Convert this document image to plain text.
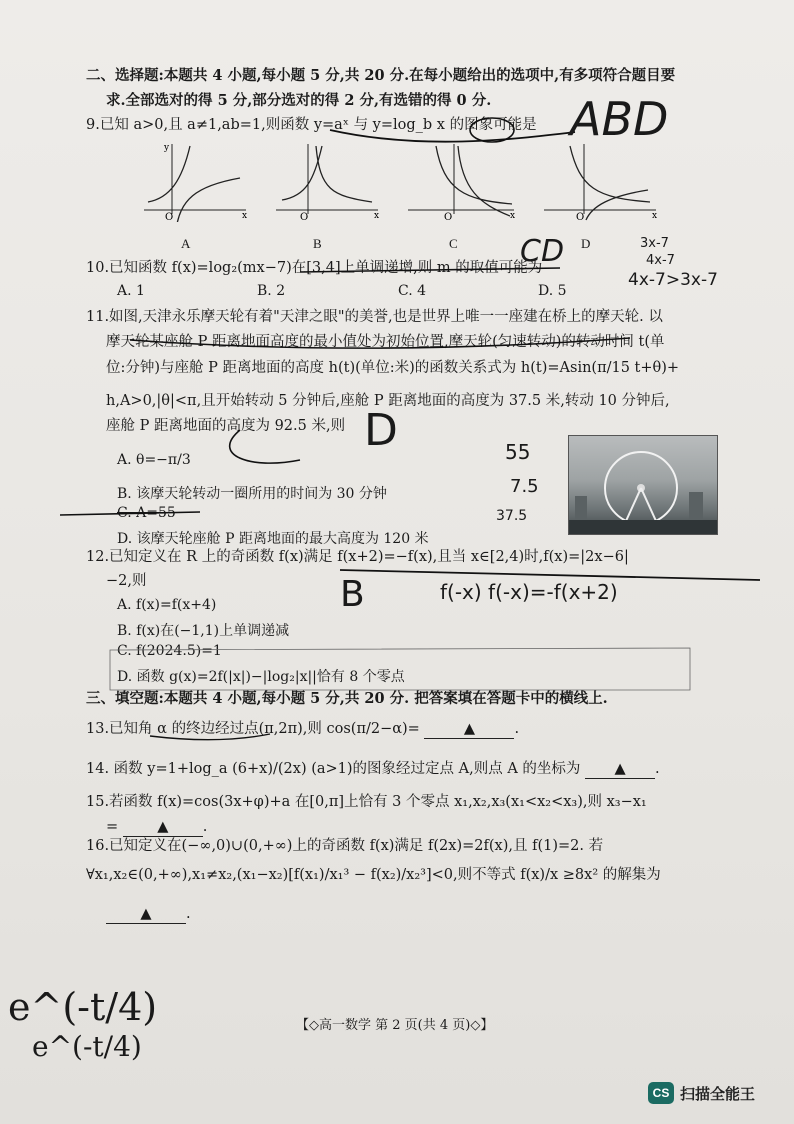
二、选择题:本题共 4 小题,每小题 5 分,共 20 分.在每小题给出的选项中,有多项符合题目要
求.全部选对的得 5 分,部分选对的得 2 分,有选错的得 0 分.
9.已知 a>0,且 a≠1,ab=1,则函数 y=aˣ 与 y=log_b x 的图象可能是
O	x
y
O	x	O	x	O	x
A	B	C	D
10.已知函数 f(x)=log₂(mx−7)在[3,4]上单调递增,则 m 的取值可能为
A. 1	B. 2	C. 4	D. 5
11.如图,天津永乐摩天轮有着"天津之眼"的美誉,也是世界上唯一一座建在桥上的摩天轮. 以
摩天轮某座舱 P 距离地面高度的最小值处为初始位置,摩天轮(匀速转动)的转动时间 t(单
位:分钟)与座舱 P 距离地面的高度 h(t)(单位:米)的函数关系式为 h(t)=Asin(π/15 t+θ)+
h,A>0,|θ|<π,且开始转动 5 分钟后,座舱 P 距离地面的高度为 37.5 米,转动 10 分钟后,
座舱 P 距离地面的高度为 92.5 米,则
A. θ=−π/3
B. 该摩天轮转动一圈所用的时间为 30 分钟
C. A=55
D. 该摩天轮座舱 P 距离地面的最大高度为 120 米
12.已知定义在 R 上的奇函数 f(x)满足 f(x+2)=−f(x),且当 x∈[2,4)时,f(x)=|2x−6|
−2,则
A. f(x)=f(x+4)
B. f(x)在(−1,1)上单调递减
C. f(2024.5)=1
D. 函数 g(x)=2f(|x|)−|log₂|x||恰有 8 个零点
三、填空题:本题共 4 小题,每小题 5 分,共 20 分. 把答案填在答题卡中的横线上.
13.已知角 α 的终边经过点(π,2π),则 cos(π/2−α)=	▲	.
14. 函数 y=1+log_a (6+x)/(2x) (a>1)的图象经过定点 A,则点 A 的坐标为 ▲ .
15.若函数 f(x)=cos(3x+φ)+a 在[0,π]上恰有 3 个零点 x₁,x₂,x₃(x₁<x₂<x₃),则 x₃−x₁
=	▲ .
16.已知定义在(−∞,0)∪(0,+∞)上的奇函数 f(x)满足 f(2x)=2f(x),且 f(1)=2. 若
∀x₁,x₂∈(0,+∞),x₁≠x₂,(x₁−x₂)[f(x₁)/x₁³ − f(x₂)/x₂³]<0,则不等式 f(x)/x ≥8x² 的解集为
▲ .
【◇高一数学 第 2 页(共 4 页)◇】
ABD
CD	3x-7
4x-7
4x-7>3x-7
D	55
7.5
37.5
B	f(-x) f(-x)=-f(x+2)
e^(-t/4)
e^(-t/4)
CS 扫描全能王
